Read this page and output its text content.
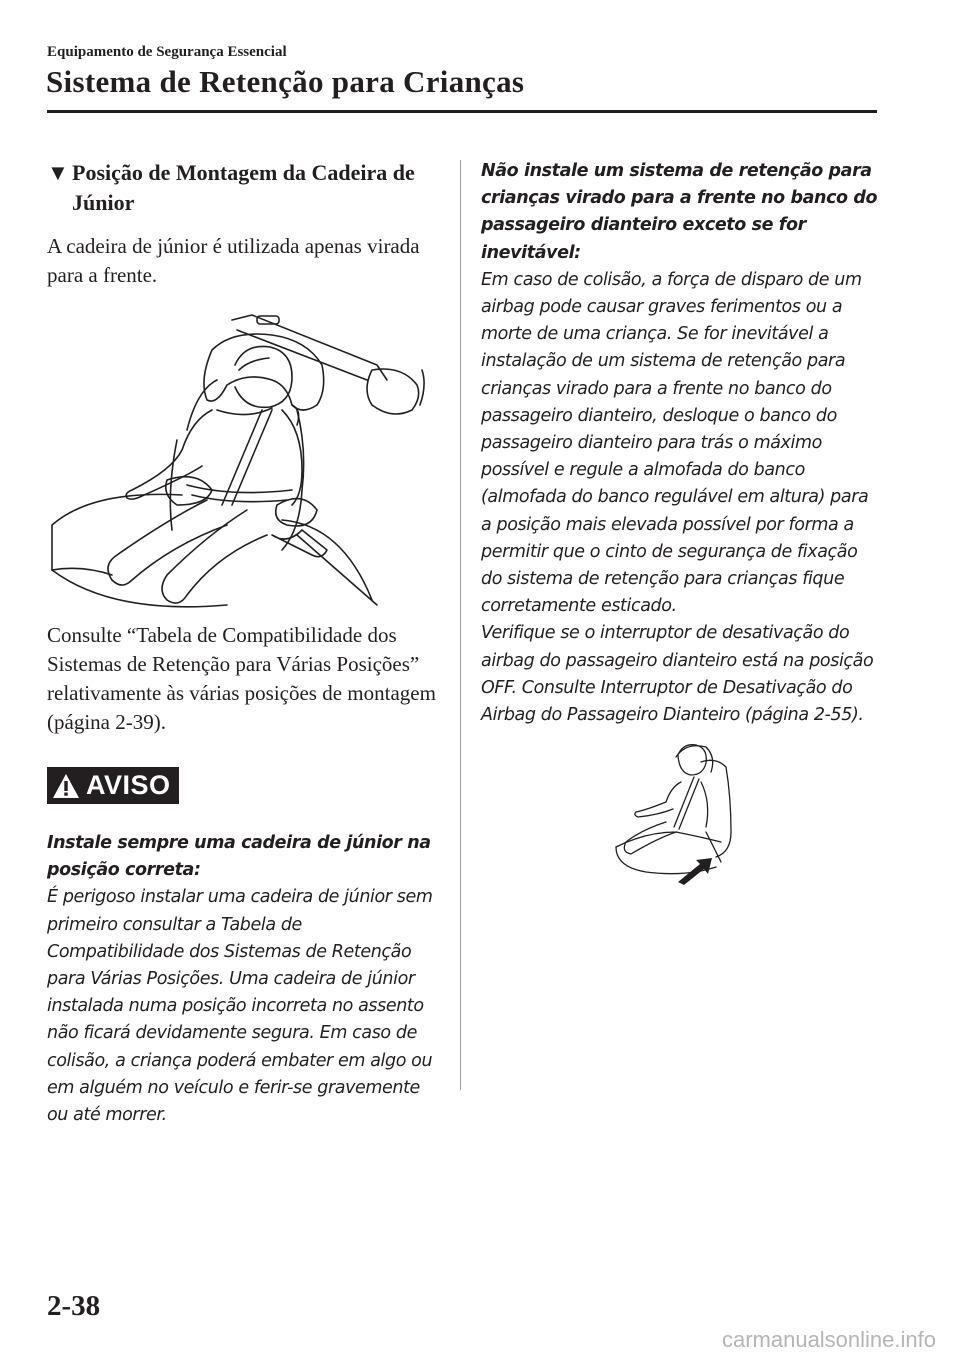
Equipamento de Segurança Essencial
Sistema de Retenção para Crianças
▼ Posição de Montagem da Cadeira de Júnior

A cadeira de júnior é utilizada apenas virada para a frente.

Consulte “Tabela de Compatibilidade dos Sistemas de Retenção para Várias Posições” relativamente às várias posições de montagem (página 2-39).

AVISO

Instale sempre uma cadeira de júnior na posição correta:

É perigoso instalar uma cadeira de júnior sem primeiro consultar a Tabela de Compatibilidade dos Sistemas de Retenção para Várias Posições. Uma cadeira de júnior instalada numa posição incorreta no assento não ficará devidamente segura. Em caso de colisão, a criança poderá embater em algo ou em alguém no veículo e ferir-se gravemente ou até morrer.

Não instale um sistema de retenção para crianças virado para a frente no banco do passageiro dianteiro exceto se for inevitável:

Em caso de colisão, a força de disparo de um airbag pode causar graves ferimentos ou a morte de uma criança. Se for inevitável a instalação de um sistema de retenção para crianças virado para a frente no banco do passageiro dianteiro, desloque o banco do passageiro dianteiro para trás o máximo possível e regule a almofada do banco (almofada do banco regulável em altura) para a posição mais elevada possível por forma a permitir que o cinto de segurança de fixação do sistema de retenção para crianças fique corretamente esticado.

Verifique se o interruptor de desativação do airbag do passageiro dianteiro está na posição OFF. Consulte Interruptor de Desativação do Airbag do Passageiro Dianteiro (página 2-55).

2-38
carmanualsonline.info
